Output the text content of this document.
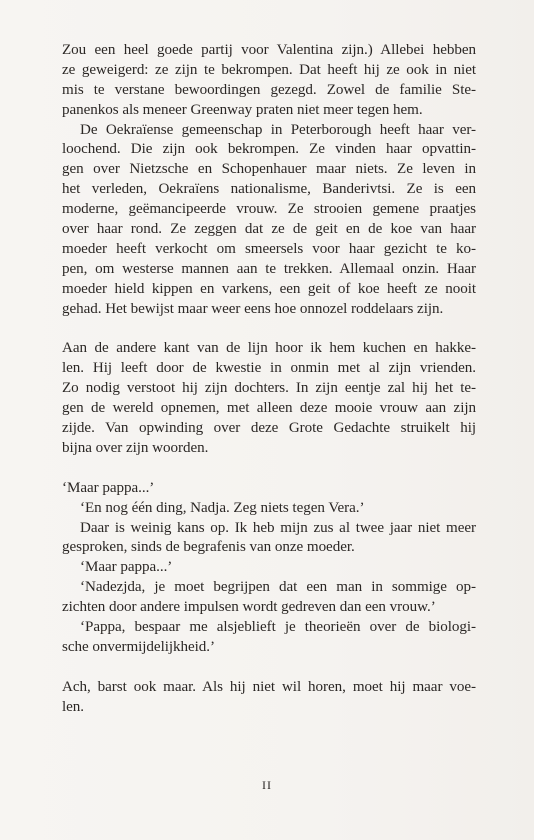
Zou een heel goede partij voor Valentina zijn.) Allebei hebben
ze geweigerd: ze zijn te bekrompen. Dat heeft hij ze ook in niet
mis te verstane bewoordingen gezegd. Zowel de familie Ste-
panenkos als meneer Greenway praten niet meer tegen hem.
De Oekraïense gemeenschap in Peterborough heeft haar ver-
loochend. Die zijn ook bekrompen. Ze vinden haar opvattin-
gen over Nietzsche en Schopenhauer maar niets. Ze leven in
het verleden, Oekraïens nationalisme, Banderivtsi. Ze is een
moderne, geëmancipeerde vrouw. Ze strooien gemene praatjes
over haar rond. Ze zeggen dat ze de geit en de koe van haar
moeder heeft verkocht om smeersels voor haar gezicht te ko-
pen, om westerse mannen aan te trekken. Allemaal onzin. Haar
moeder hield kippen en varkens, een geit of koe heeft ze nooit
gehad. Het bewijst maar weer eens hoe onnozel roddelaars zijn.
Aan de andere kant van de lijn hoor ik hem kuchen en hakke-
len. Hij leeft door de kwestie in onmin met al zijn vrienden.
Zo nodig verstoot hij zijn dochters. In zijn eentje zal hij het te-
gen de wereld opnemen, met alleen deze mooie vrouw aan zijn
zijde. Van opwinding over deze Grote Gedachte struikelt hij
bijna over zijn woorden.
‘Maar pappa...’
‘En nog één ding, Nadja. Zeg niets tegen Vera.’
Daar is weinig kans op. Ik heb mijn zus al twee jaar niet meer
gesproken, sinds de begrafenis van onze moeder.
‘Maar pappa...’
‘Nadezjda, je moet begrijpen dat een man in sommige op-
zichten door andere impulsen wordt gedreven dan een vrouw.’
‘Pappa, bespaar me alsjeblieft je theorieën over de biologi-
sche onvermijdelijkheid.’
Ach, barst ook maar. Als hij niet wil horen, moet hij maar voe-
len.
II
